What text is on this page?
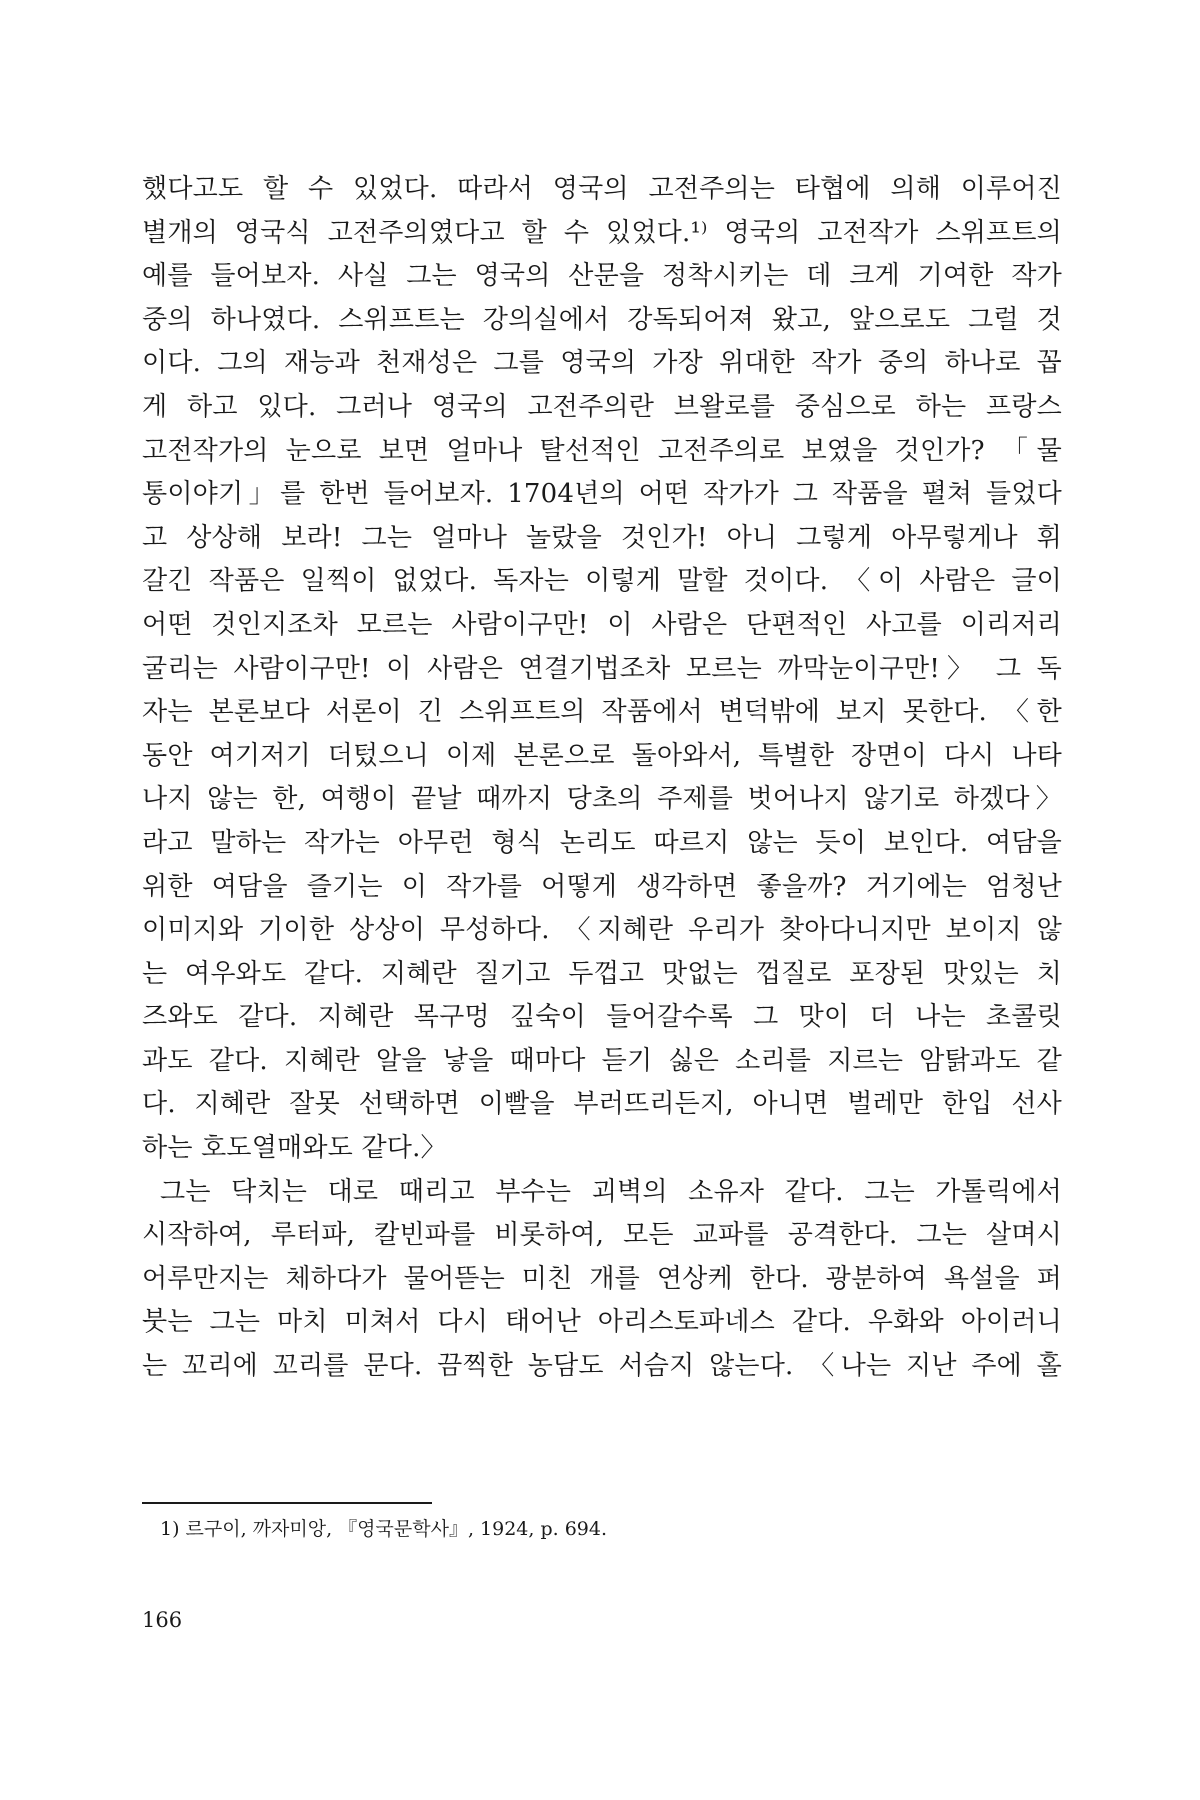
했다고도 할 수 있었다. 따라서 영국의 고전주의는 타협에 의해 이루어진
별개의 영국식 고전주의였다고 할 수 있었다.¹⁾ 영국의 고전작가 스위프트의
예를 들어보자. 사실 그는 영국의 산문을 정착시키는 데 크게 기여한 작가
중의 하나였다. 스위프트는 강의실에서 강독되어져 왔고, 앞으로도 그럴 것
이다. 그의 재능과 천재성은 그를 영국의 가장 위대한 작가 중의 하나로 꼽
게 하고 있다. 그러나 영국의 고전주의란 브왈로를 중심으로 하는 프랑스
고전작가의 눈으로 보면 얼마나 탈선적인 고전주의로 보였을 것인가? 「물
통이야기」를 한번 들어보자. 1704년의 어떤 작가가 그 작품을 펼쳐 들었다
고 상상해 보라! 그는 얼마나 놀랐을 것인가! 아니 그렇게 아무렇게나 휘
갈긴 작품은 일찍이 없었다. 독자는 이렇게 말할 것이다. 〈이 사람은 글이
어떤 것인지조차 모르는 사람이구만! 이 사람은 단편적인 사고를 이리저리
굴리는 사람이구만! 이 사람은 연결기법조차 모르는 까막눈이구만!〉 그 독
자는 본론보다 서론이 긴 스위프트의 작품에서 변덕밖에 보지 못한다. 〈한
동안 여기저기 더텄으니 이제 본론으로 돌아와서, 특별한 장면이 다시 나타
나지 않는 한, 여행이 끝날 때까지 당초의 주제를 벗어나지 않기로 하겠다〉
라고 말하는 작가는 아무런 형식 논리도 따르지 않는 듯이 보인다. 여담을
위한 여담을 즐기는 이 작가를 어떻게 생각하면 좋을까? 거기에는 엄청난
이미지와 기이한 상상이 무성하다. 〈지혜란 우리가 찾아다니지만 보이지 않
는 여우와도 같다. 지혜란 질기고 두껍고 맛없는 껍질로 포장된 맛있는 치
즈와도 같다. 지혜란 목구멍 깊숙이 들어갈수록 그 맛이 더 나는 초콜릿
과도 같다. 지혜란 알을 낳을 때마다 듣기 싫은 소리를 지르는 암탉과도 같
다. 지혜란 잘못 선택하면 이빨을 부러뜨리든지, 아니면 벌레만 한입 선사
하는 호도열매와도 같다.〉
그는 닥치는 대로 때리고 부수는 괴벽의 소유자 같다. 그는 가톨릭에서
시작하여, 루터파, 칼빈파를 비롯하여, 모든 교파를 공격한다. 그는 살며시
어루만지는 체하다가 물어뜯는 미친 개를 연상케 한다. 광분하여 욕설을 퍼
붓는 그는 마치 미쳐서 다시 태어난 아리스토파네스 같다. 우화와 아이러니
는 꼬리에 꼬리를 문다. 끔찍한 농담도 서슴지 않는다. 〈나는 지난 주에 홀
1) 르구이, 까자미앙, 『영국문학사』, 1924, p. 694.
166
